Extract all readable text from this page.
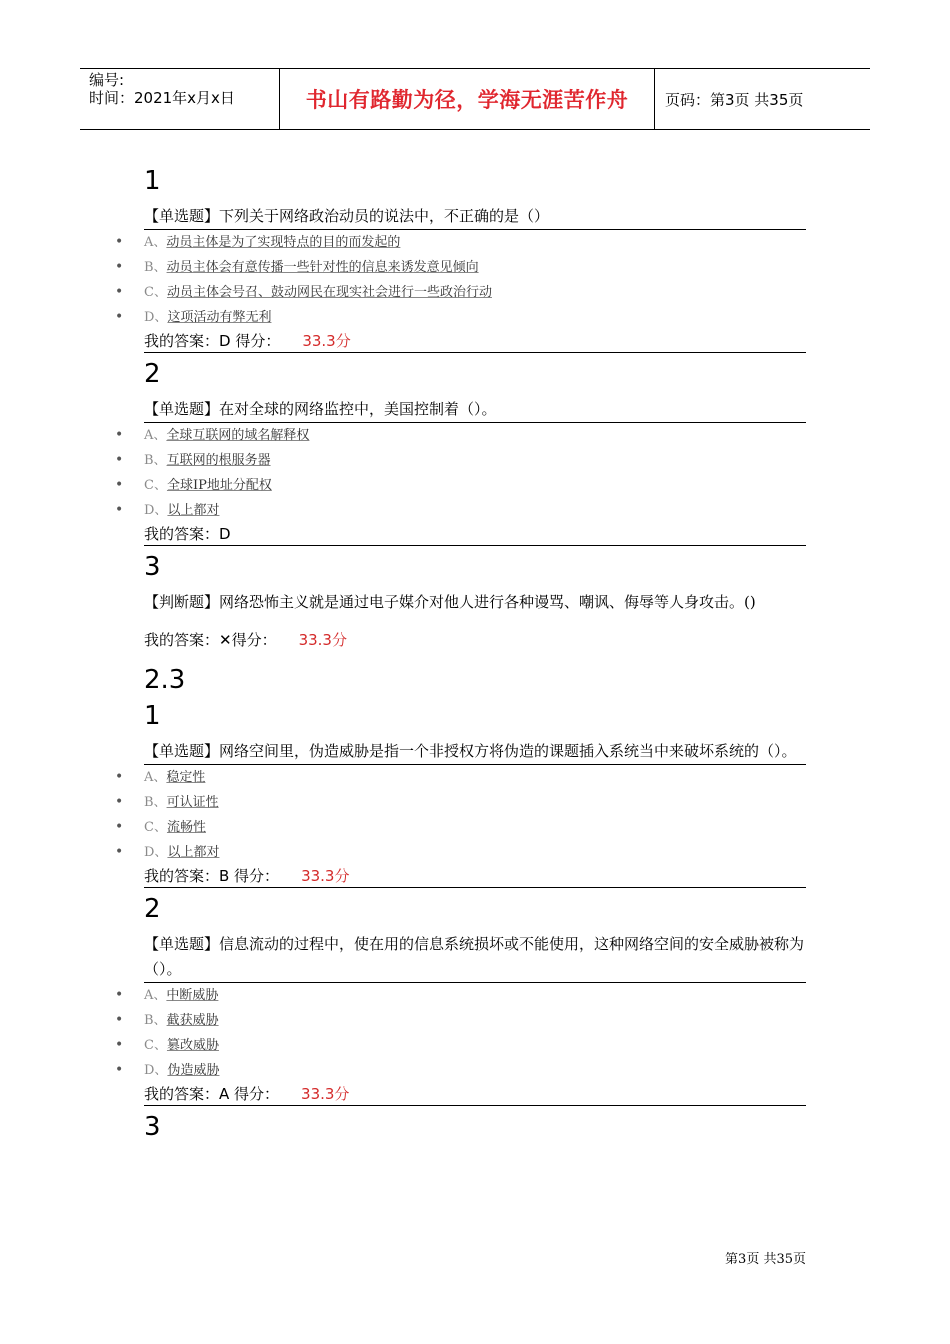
编号:
时间：2021年x月x日	书山有路勤为径，学海无涯苦作舟	页码：第3页 共35页
1
【单选题】下列关于网络政治动员的说法中，不正确的是（）
• A、动员主体是为了实现特点的目的而发起的
• B、动员主体会有意传播一些针对性的信息来诱发意见倾向
• C、动员主体会号召、鼓动网民在现实社会进行一些政治行动
• D、这项活动有弊无利
我的答案：D 得分： 33.3分
2
【单选题】在对全球的网络监控中，美国控制着（）。
• A、全球互联网的域名解释权
• B、互联网的根服务器
• C、全球IP地址分配权
• D、以上都对
我的答案：D
3
【判断题】网络恐怖主义就是通过电子媒介对他人进行各种谩骂、嘲讽、侮辱等人身攻击。()
我的答案：✕得分： 33.3分
2.3
1
【单选题】网络空间里，伪造威胁是指一个非授权方将伪造的课题插入系统当中来破坏系统的（）。
• A、稳定性
• B、可认证性
• C、流畅性
• D、以上都对
我的答案：B 得分： 33.3分
2
【单选题】信息流动的过程中，使在用的信息系统损坏或不能使用，这种网络空间的安全威胁被称为（）。
• A、中断威胁
• B、截获威胁
• C、篡改威胁
• D、伪造威胁
我的答案：A 得分： 33.3分
3
第3页 共35页
